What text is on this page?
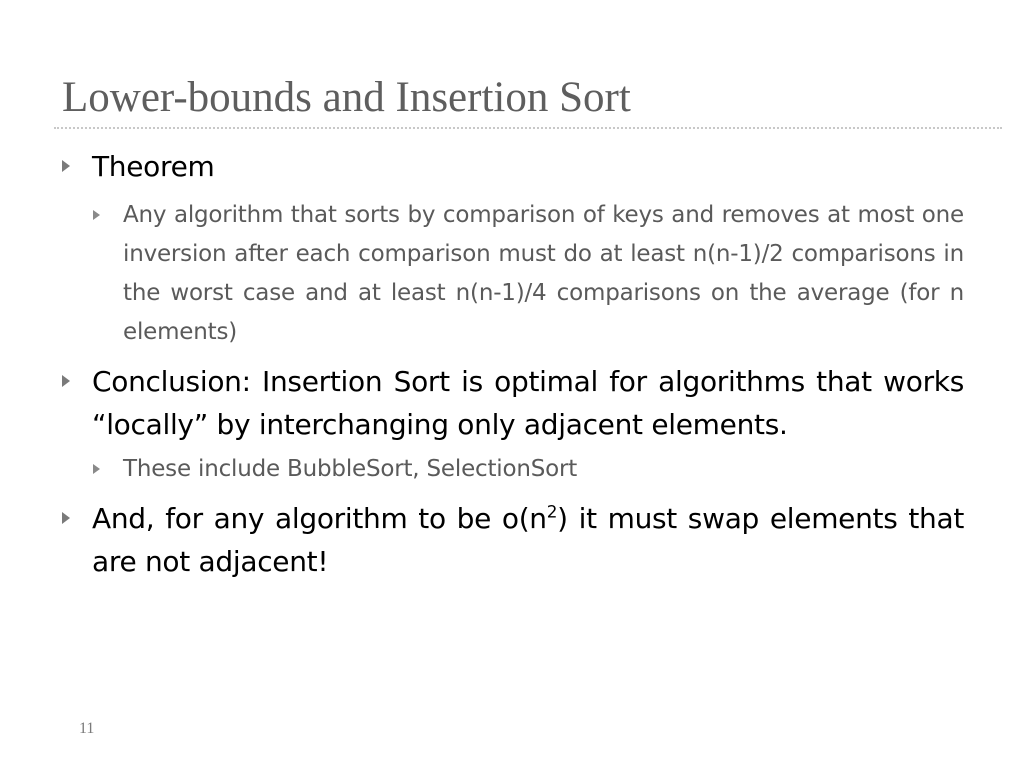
Lower-bounds and Insertion Sort
Theorem
Any algorithm that sorts by comparison of keys and removes at most one inversion after each comparison must do at least n(n-1)/2 comparisons in the worst case and at least n(n-1)/4 comparisons on the average (for n elements)
Conclusion: Insertion Sort is optimal for algorithms that works “locally” by interchanging only adjacent elements.
These include BubbleSort, SelectionSort
And, for any algorithm to be $o(n^2)$ it must swap elements that are not adjacent!
11
